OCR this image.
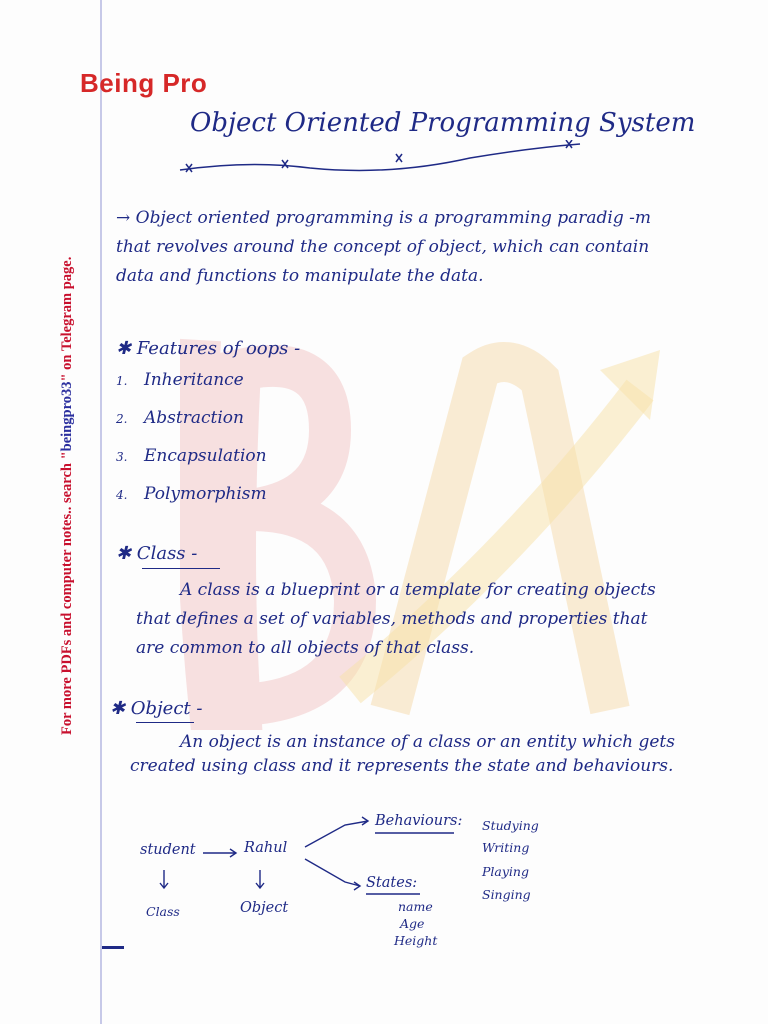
Being Pro
For more PDFs and computer notes.. search "beingpro33" on Telegram page.
Object Oriented Programming System
→ Object oriented programming is a programming paradig -m that revolves around the concept of object, which can contain data and functions to manipulate the data.
✱ Features of oops -
1. Inheritance
2. Abstraction
3. Encapsulation
4. Polymorphism
✱ Class -
A class is a blueprint or a template for creating objects that defines a set of variables, methods and properties that are common to all objects of that class.
✱ Object -
An object is an instance of a class or an entity which gets created using class and it represents the state and behaviours.
student	Rahul
Class	Object
Behaviours: Studying
Writing
Playing
Singing
States:
name
Age
Height
